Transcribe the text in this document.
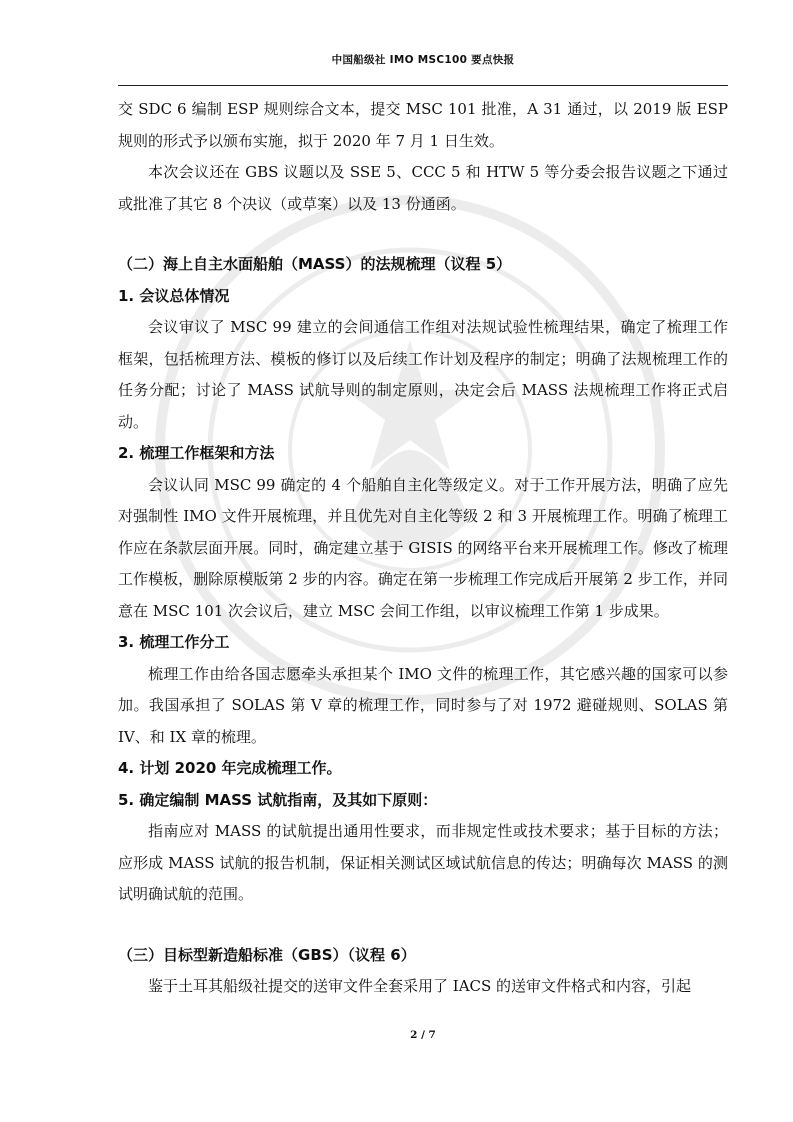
中国船级社 IMO MSC100 要点快报

交 SDC 6 编制 ESP 规则综合文本，提交 MSC 101 批准，A 31 通过，以 2019 版 ESP 规则的形式予以颁布实施，拟于 2020 年 7 月 1 日生效。

本次会议还在 GBS 议题以及 SSE 5、CCC 5 和 HTW 5 等分委会报告议题之下通过或批准了其它 8 个决议（或草案）以及 13 份通函。

（二）海上自主水面船舶（MASS）的法规梳理（议程 5）

1. 会议总体情况

会议审议了 MSC 99 建立的会间通信工作组对法规试验性梳理结果，确定了梳理工作框架，包括梳理方法、模板的修订以及后续工作计划及程序的制定；明确了法规梳理工作的任务分配；讨论了 MASS 试航导则的制定原则，决定会后 MASS 法规梳理工作将正式启动。

2. 梳理工作框架和方法

会议认同 MSC 99 确定的 4 个船舶自主化等级定义。对于工作开展方法，明确了应先对强制性 IMO 文件开展梳理，并且优先对自主化等级 2 和 3 开展梳理工作。明确了梳理工作应在条款层面开展。同时，确定建立基于 GISIS 的网络平台来开展梳理工作。修改了梳理工作模板，删除原模版第 2 步的内容。确定在第一步梳理工作完成后开展第 2 步工作，并同意在 MSC 101 次会议后，建立 MSC 会间工作组，以审议梳理工作第 1 步成果。

3. 梳理工作分工

梳理工作由给各国志愿牵头承担某个 IMO 文件的梳理工作，其它感兴趣的国家可以参加。我国承担了 SOLAS 第 V 章的梳理工作，同时参与了对 1972 避碰规则、SOLAS 第 IV、和 IX 章的梳理。

4. 计划 2020 年完成梳理工作。

5. 确定编制 MASS 试航指南，及其如下原则：

指南应对 MASS 的试航提出通用性要求，而非规定性或技术要求；基于目标的方法；应形成 MASS 试航的报告机制，保证相关测试区域试航信息的传达；明确每次 MASS 的测试明确试航的范围。

（三）目标型新造船标准（GBS）（议程 6）

鉴于土耳其船级社提交的送审文件全套采用了 IACS 的送审文件格式和内容，引起

2 / 7
